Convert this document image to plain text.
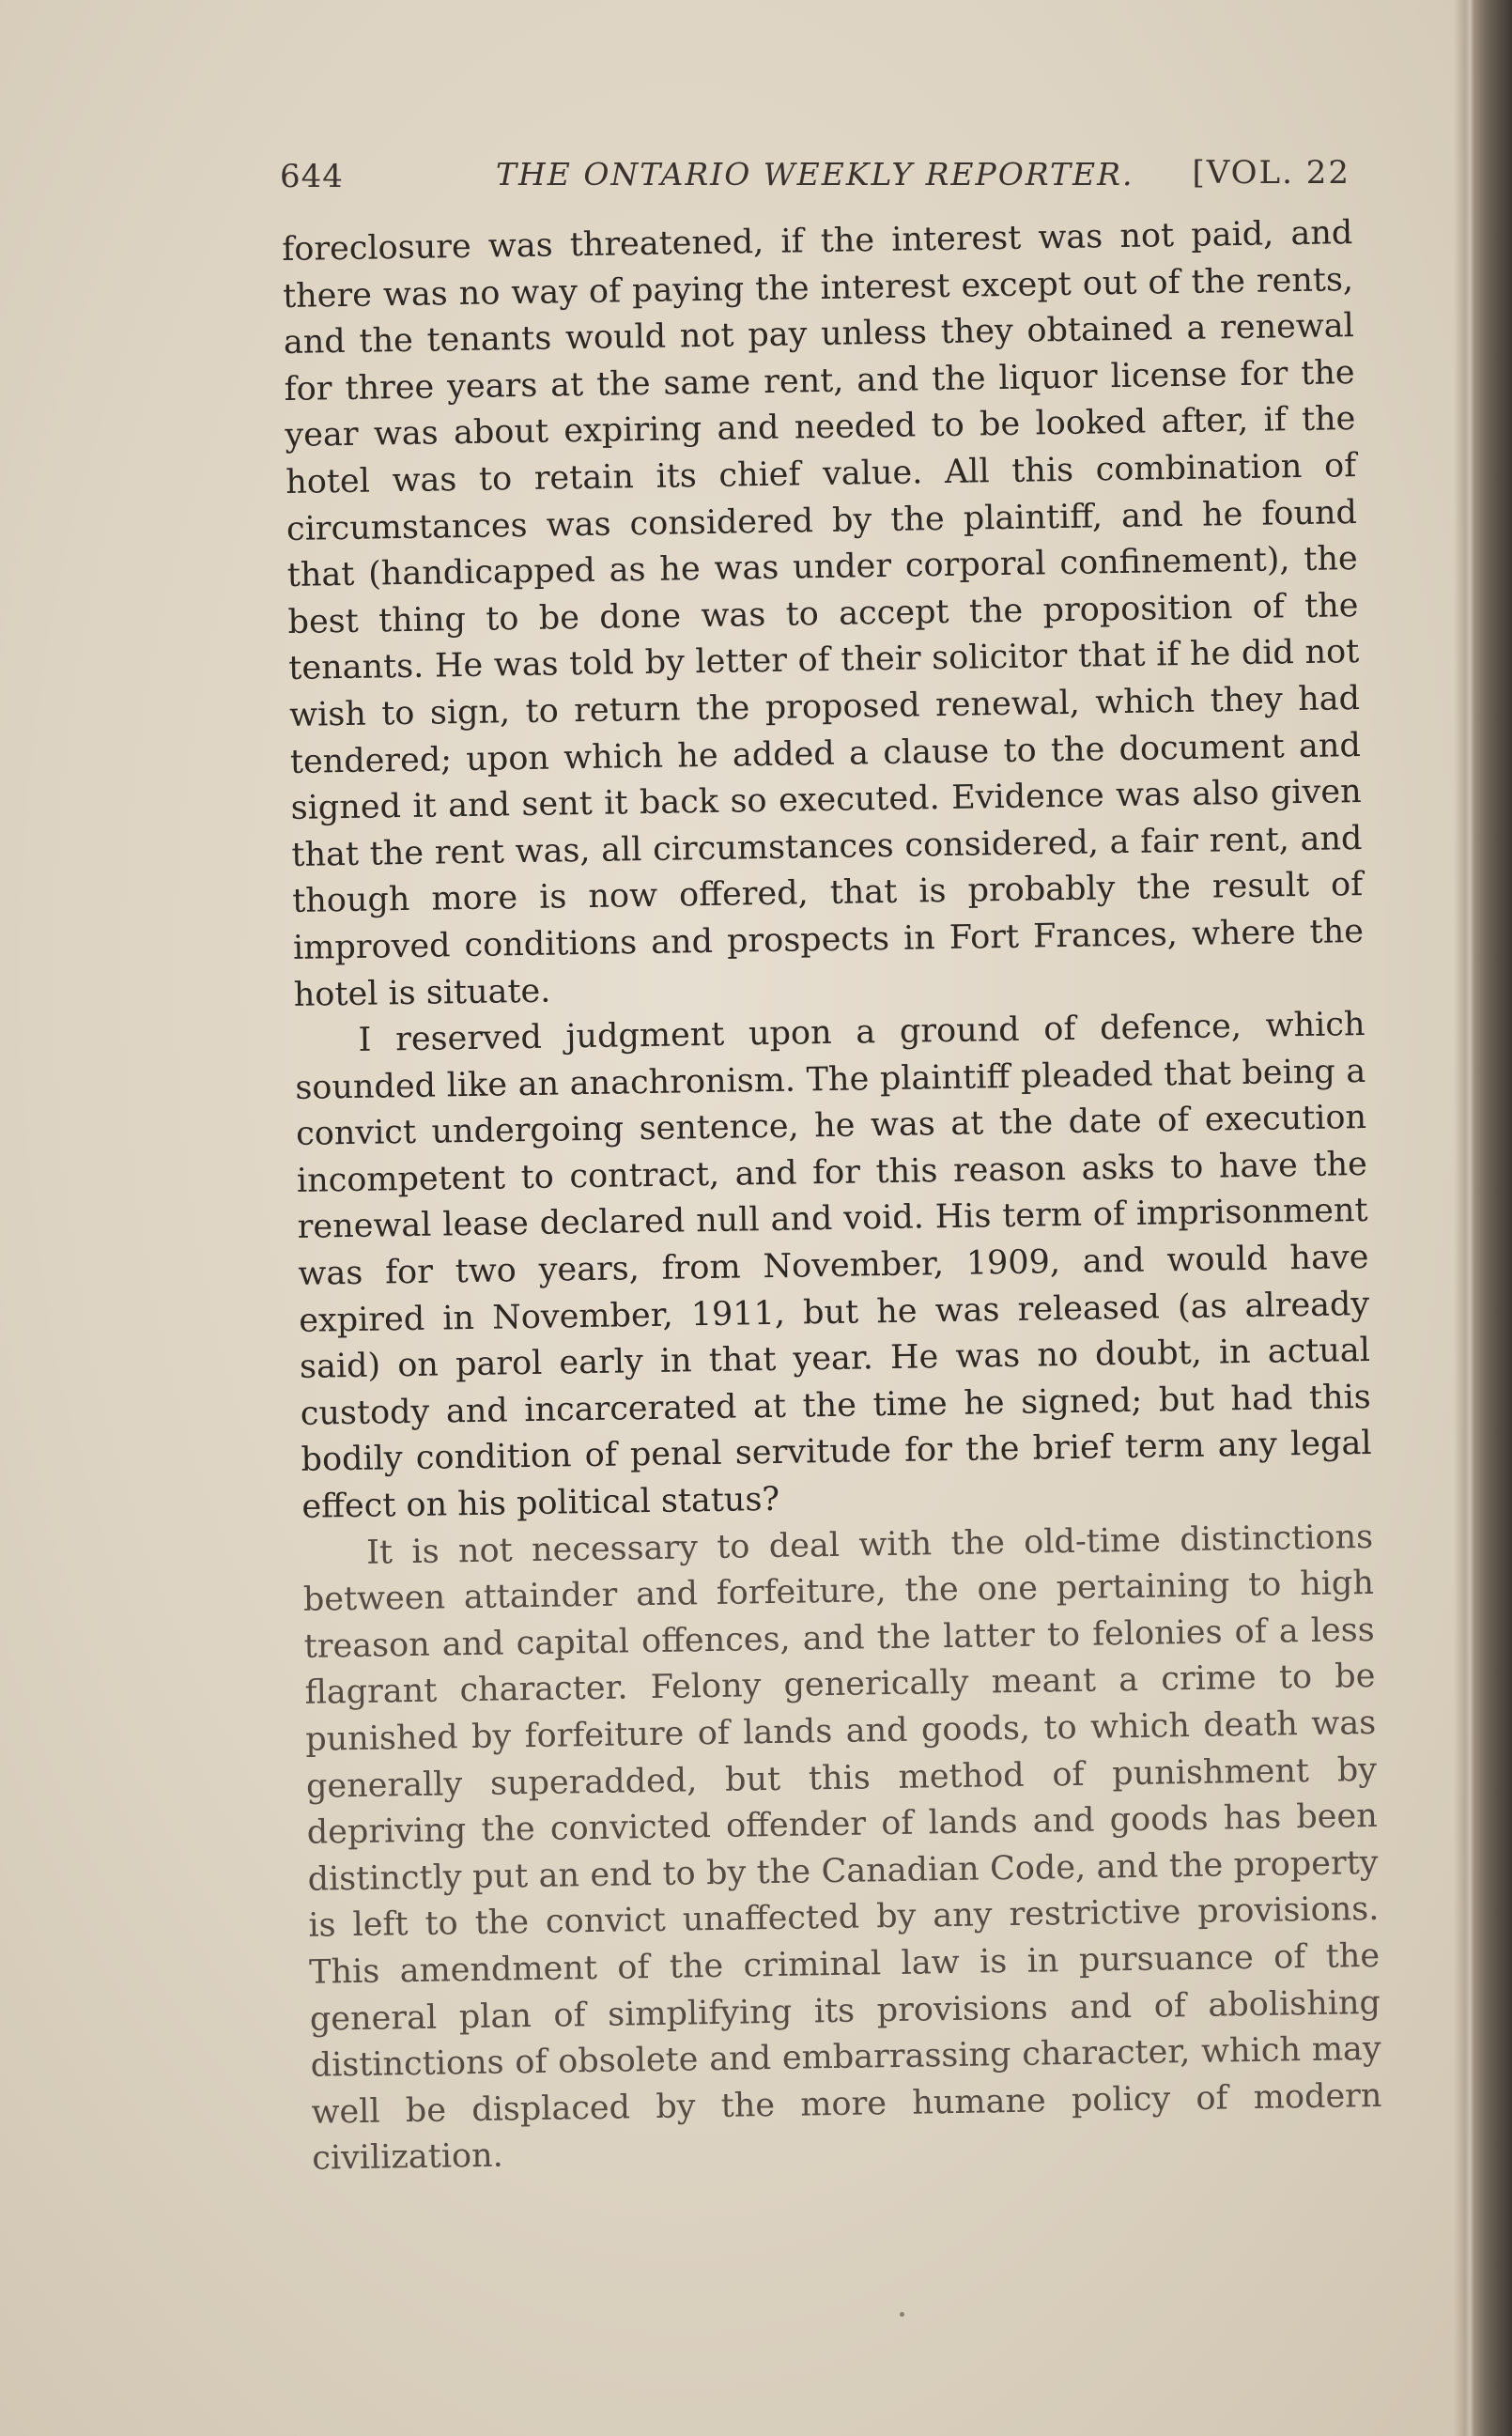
644	THE ONTARIO WEEKLY REPORTER. [VOL. 22

foreclosure was threatened, if the interest was not paid, and there was no way of paying the interest except out of the rents, and the tenants would not pay unless they obtained a renewal for three years at the same rent, and the liquor license for the year was about expiring and needed to be looked after, if the hotel was to retain its chief value. All this combination of circumstances was considered by the plaintiff, and he found that (handicapped as he was under corporal confinement), the best thing to be done was to accept the proposition of the tenants. He was told by letter of their solicitor that if he did not wish to sign, to return the proposed renewal, which they had tendered; upon which he added a clause to the document and signed it and sent it back so executed. Evidence was also given that the rent was, all circumstances considered, a fair rent, and though more is now offered, that is probably the result of improved conditions and prospects in Fort Frances, where the hotel is situate.

I reserved judgment upon a ground of defence, which sounded like an anachronism. The plaintiff pleaded that being a convict undergoing sentence, he was at the date of execution incompetent to contract, and for this reason asks to have the renewal lease declared null and void. His term of imprisonment was for two years, from November, 1909, and would have expired in November, 1911, but he was released (as already said) on parol early in that year. He was no doubt, in actual custody and incarcerated at the time he signed; but had this bodily condition of penal servitude for the brief term any legal effect on his political status?

It is not necessary to deal with the old-time distinctions between attainder and forfeiture, the one pertaining to high treason and capital offences, and the latter to felonies of a less flagrant character. Felony generically meant a crime to be punished by forfeiture of lands and goods, to which death was generally superadded, but this method of punishment by depriving the convicted offender of lands and goods has been distinctly put an end to by the Canadian Code, and the property is left to the convict unaffected by any restrictive provisions. This amendment of the criminal law is in pursuance of the general plan of simplifying its provisions and of abolishing distinctions of obsolete and embarrassing character, which may well be displaced by the more humane policy of modern civilization.
